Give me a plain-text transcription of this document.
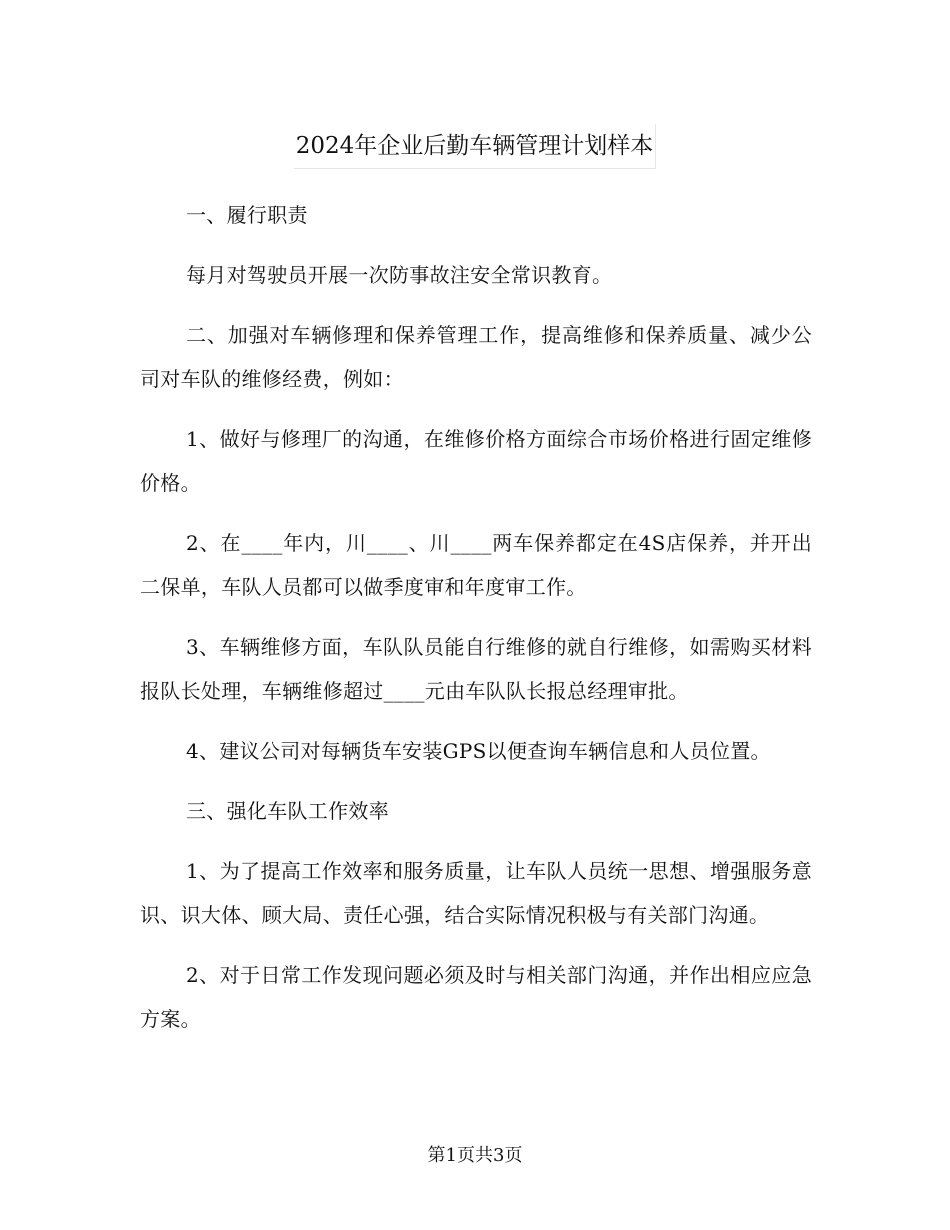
2024年企业后勤车辆管理计划样本

一、履行职责

每月对驾驶员开展一次防事故注安全常识教育。

二、加强对车辆修理和保养管理工作，提高维修和保养质量、减少公司对车队的维修经费，例如：

1、做好与修理厂的沟通，在维修价格方面综合市场价格进行固定维修价格。

2、在____年内，川____、川____两车保养都定在4S店保养，并开出二保单，车队人员都可以做季度审和年度审工作。

3、车辆维修方面，车队队员能自行维修的就自行维修，如需购买材料报队长处理，车辆维修超过____元由车队队长报总经理审批。

4、建议公司对每辆货车安装GPS以便查询车辆信息和人员位置。

三、强化车队工作效率

1、为了提高工作效率和服务质量，让车队人员统一思想、增强服务意识、识大体、顾大局、责任心强，结合实际情况积极与有关部门沟通。

2、对于日常工作发现问题必须及时与相关部门沟通，并作出相应应急方案。

第1页共3页
